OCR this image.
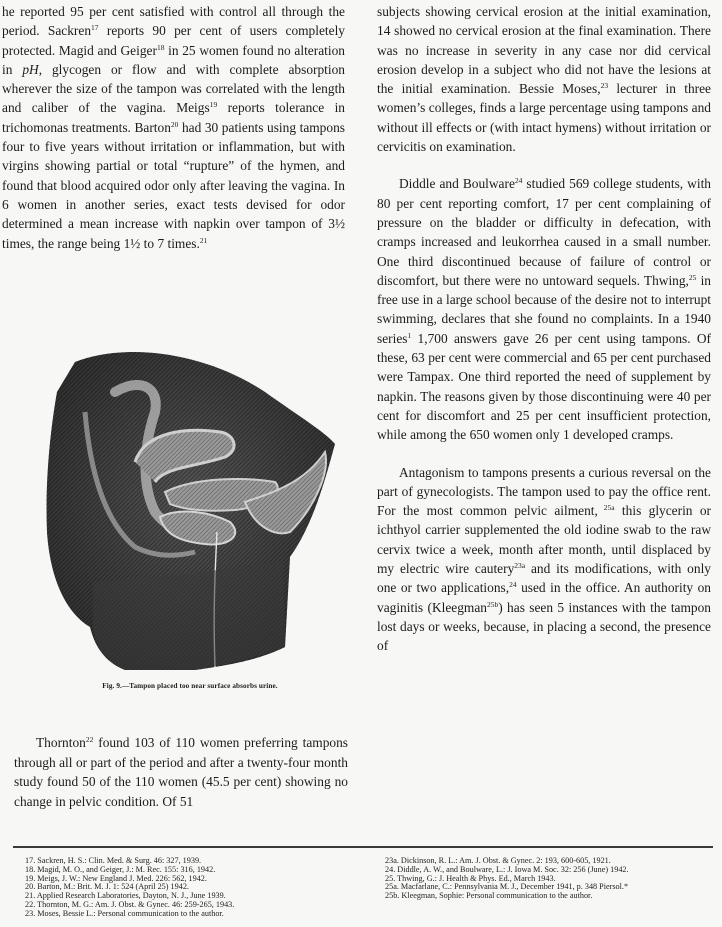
he reported 95 per cent satisfied with control all through the period. Sackren$^{17}$ reports 90 per cent of users completely protected. Magid and Geiger$^{18}$ in 25 women found no alteration in pH, glycogen or flow and with complete absorption wherever the size of the tampon was correlated with the length and caliber of the vagina. Meigs$^{19}$ reports tolerance in trichomonas treatments. Barton$^{20}$ had 30 patients using tampons four to five years without irritation or inflammation, but with virgins showing partial or total “rupture” of the hymen, and found that blood acquired odor only after leaving the vagina. In 6 women in another series, exact tests devised for odor determined a mean increase with napkin over tampon of 3½ times, the range being 1½ to 7 times.$^{21}$

Fig. 9.—Tampon placed too near surface absorbs urine.

Thornton$^{22}$ found 103 of 110 women preferring tampons through all or part of the period and after a twenty-four month study found 50 of the 110 women (45.5 per cent) showing no change in pelvic condition. Of 51

subjects showing cervical erosion at the initial examination, 14 showed no cervical erosion at the final examination. There was no increase in severity in any case nor did cervical erosion develop in a subject who did not have the lesions at the initial examination. Bessie Moses,$^{23}$ lecturer in three women’s colleges, finds a large percentage using tampons and without ill effects or (with intact hymens) without irritation or cervicitis on examination.

Diddle and Boulware$^{24}$ studied 569 college students, with 80 per cent reporting comfort, 17 per cent complaining of pressure on the bladder or difficulty in defecation, with cramps increased and leukorrhea caused in a small number. One third discontinued because of failure of control or discomfort, but there were no untoward sequels. Thwing,$^{25}$ in free use in a large school because of the desire not to interrupt swimming, declares that she found no complaints. In a 1940 series$^1$ 1,700 answers gave 26 per cent using tampons. Of these, 63 per cent were commercial and 65 per cent purchased were Tampax. One third reported the need of supplement by napkin. The reasons given by those discontinuing were 40 per cent for discomfort and 25 per cent insufficient protection, while among the 650 women only 1 developed cramps.

Antagonism to tampons presents a curious reversal on the part of gynecologists. The tampon used to pay the office rent. For the most common pelvic ailment, $^{25a}$ this glycerin or ichthyol carrier supplemented the old iodine swab to the raw cervix twice a week, month after month, until displaced by my electric wire cautery$^{23a}$ and its modifications, with only one or two applications,$^{24}$ used in the office. An authority on vaginitis (Kleegman$^{25b}$) has seen 5 instances with the tampon lost days or weeks, because, in placing a second, the presence of

17. Sackren, H. S.: Clin. Med. & Surg. 46: 327, 1939.
18. Magid, M. O., and Geiger, J.: M. Rec. 155: 316, 1942.
19. Meigs, J. W.: New England J. Med. 226: 562, 1942.
20. Barton, M.: Brit. M. J. 1: 524 (April 25) 1942.
21. Applied Research Laboratories, Dayton, N. J., June 1939.
22. Thornton, M. G.: Am. J. Obst. & Gynec. 46: 259-265, 1943.
23. Moses, Bessie L.: Personal communication to the author.
23a. Dickinson, R. L.: Am. J. Obst. & Gynec. 2: 193, 600-605, 1921.
24. Diddle, A. W., and Boulware, L.: J. Iowa M. Soc. 32: 256 (June) 1942.
25. Thwing, G.: J. Health & Phys. Ed., March 1943.
25a. Macfarlane, C.: Pennsylvania M. J., December 1941, p. 348 Piersol.*
25b. Kleegman, Sophie: Personal communication to the author.
